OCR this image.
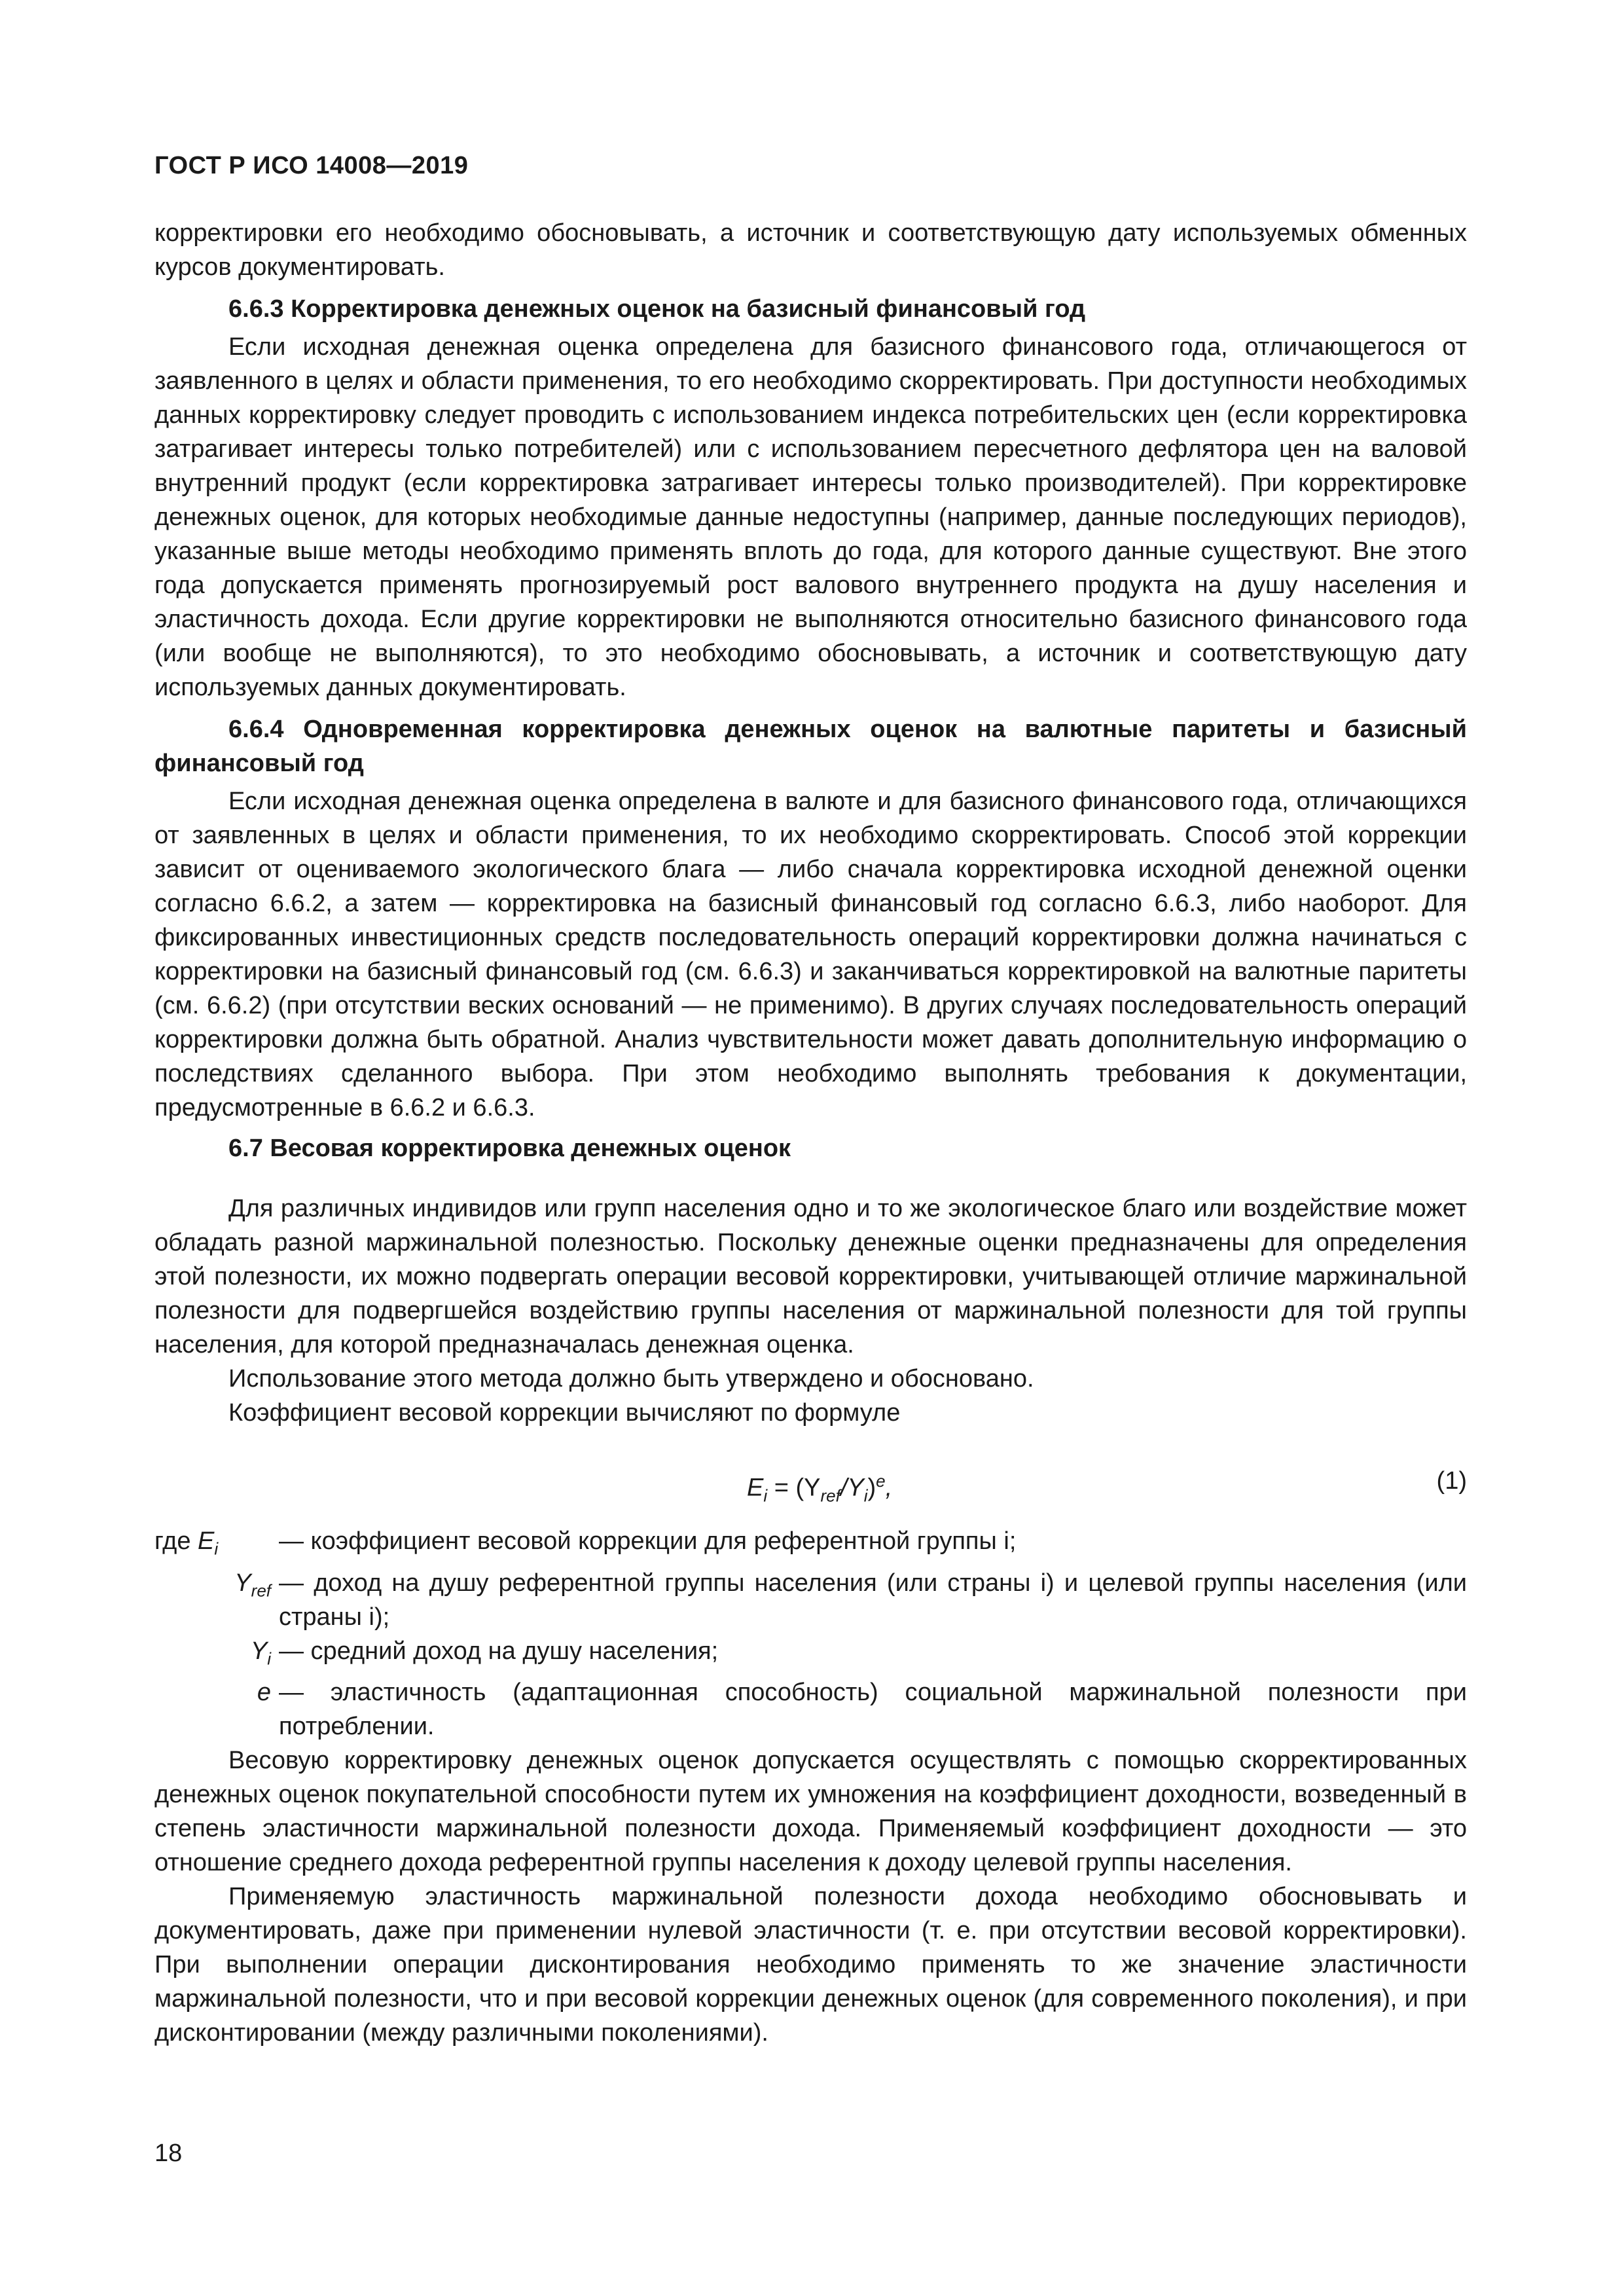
ГОСТ Р ИСО 14008—2019

корректировки его необходимо обосновывать, а источник и соответствующую дату используемых обменных курсов документировать.

6.6.3 Корректировка денежных оценок на базисный финансовый год

Если исходная денежная оценка определена для базисного финансового года, отличающегося от заявленного в целях и области применения, то его необходимо скорректировать. При доступности необходимых данных корректировку следует проводить с использованием индекса потребительских цен (если корректировка затрагивает интересы только потребителей) или с использованием пересчетного дефлятора цен на валовой внутренний продукт (если корректировка затрагивает интересы только производителей). При корректировке денежных оценок, для которых необходимые данные недоступны (например, данные последующих периодов), указанные выше методы необходимо применять вплоть до года, для которого данные существуют. Вне этого года допускается применять прогнозируемый рост валового внутреннего продукта на душу населения и эластичность дохода. Если другие корректировки не выполняются относительно базисного финансового года (или вообще не выполняются), то это необходимо обосновывать, а источник и соответствующую дату используемых данных документировать.

6.6.4 Одновременная корректировка денежных оценок на валютные паритеты и базисный финансовый год

Если исходная денежная оценка определена в валюте и для базисного финансового года, отличающихся от заявленных в целях и области применения, то их необходимо скорректировать. Способ этой коррекции зависит от оцениваемого экологического блага — либо сначала корректировка исходной денежной оценки согласно 6.6.2, а затем — корректировка на базисный финансовый год согласно 6.6.3, либо наоборот. Для фиксированных инвестиционных средств последовательность операций корректировки должна начинаться с корректировки на базисный финансовый год (см. 6.6.3) и заканчиваться корректировкой на валютные паритеты (см. 6.6.2) (при отсутствии веских оснований — не применимо). В других случаях последовательность операций корректировки должна быть обратной. Анализ чувствительности может давать дополнительную информацию о последствиях сделанного выбора. При этом необходимо выполнять требования к документации, предусмотренные в 6.6.2 и 6.6.3.

6.7 Весовая корректировка денежных оценок

Для различных индивидов или групп населения одно и то же экологическое благо или воздействие может обладать разной маржинальной полезностью. Поскольку денежные оценки предназначены для определения этой полезности, их можно подвергать операции весовой корректировки, учитывающей отличие маржинальной полезности для подвергшейся воздействию группы населения от маржинальной полезности для той группы населения, для которой предназначалась денежная оценка.

Использование этого метода должно быть утверждено и обосновано.

Коэффициент весовой коррекции вычисляют по формуле

$E_i = (Y_{ref}/Y_i)^e$,	(1)
где $E_i$	— коэффициент весовой коррекции для референтной группы i;
$Y_{ref}$ — доход на душу референтной группы населения (или страны i) и целевой группы населения (или страны i);
$Y_i$ — средний доход на душу населения;
e — эластичность (адаптационная способность) социальной маржинальной полезности при потреблении.

Весовую корректировку денежных оценок допускается осуществлять с помощью скорректированных денежных оценок покупательной способности путем их умножения на коэффициент доходности, возведенный в степень эластичности маржинальной полезности дохода. Применяемый коэффициент доходности — это отношение среднего дохода референтной группы населения к доходу целевой группы населения.

Применяемую эластичность маржинальной полезности дохода необходимо обосновывать и документировать, даже при применении нулевой эластичности (т. е. при отсутствии весовой корректировки). При выполнении операции дисконтирования необходимо применять то же значение эластичности маржинальной полезности, что и при весовой коррекции денежных оценок (для современного поколения), и при дисконтировании (между различными поколениями).

18
